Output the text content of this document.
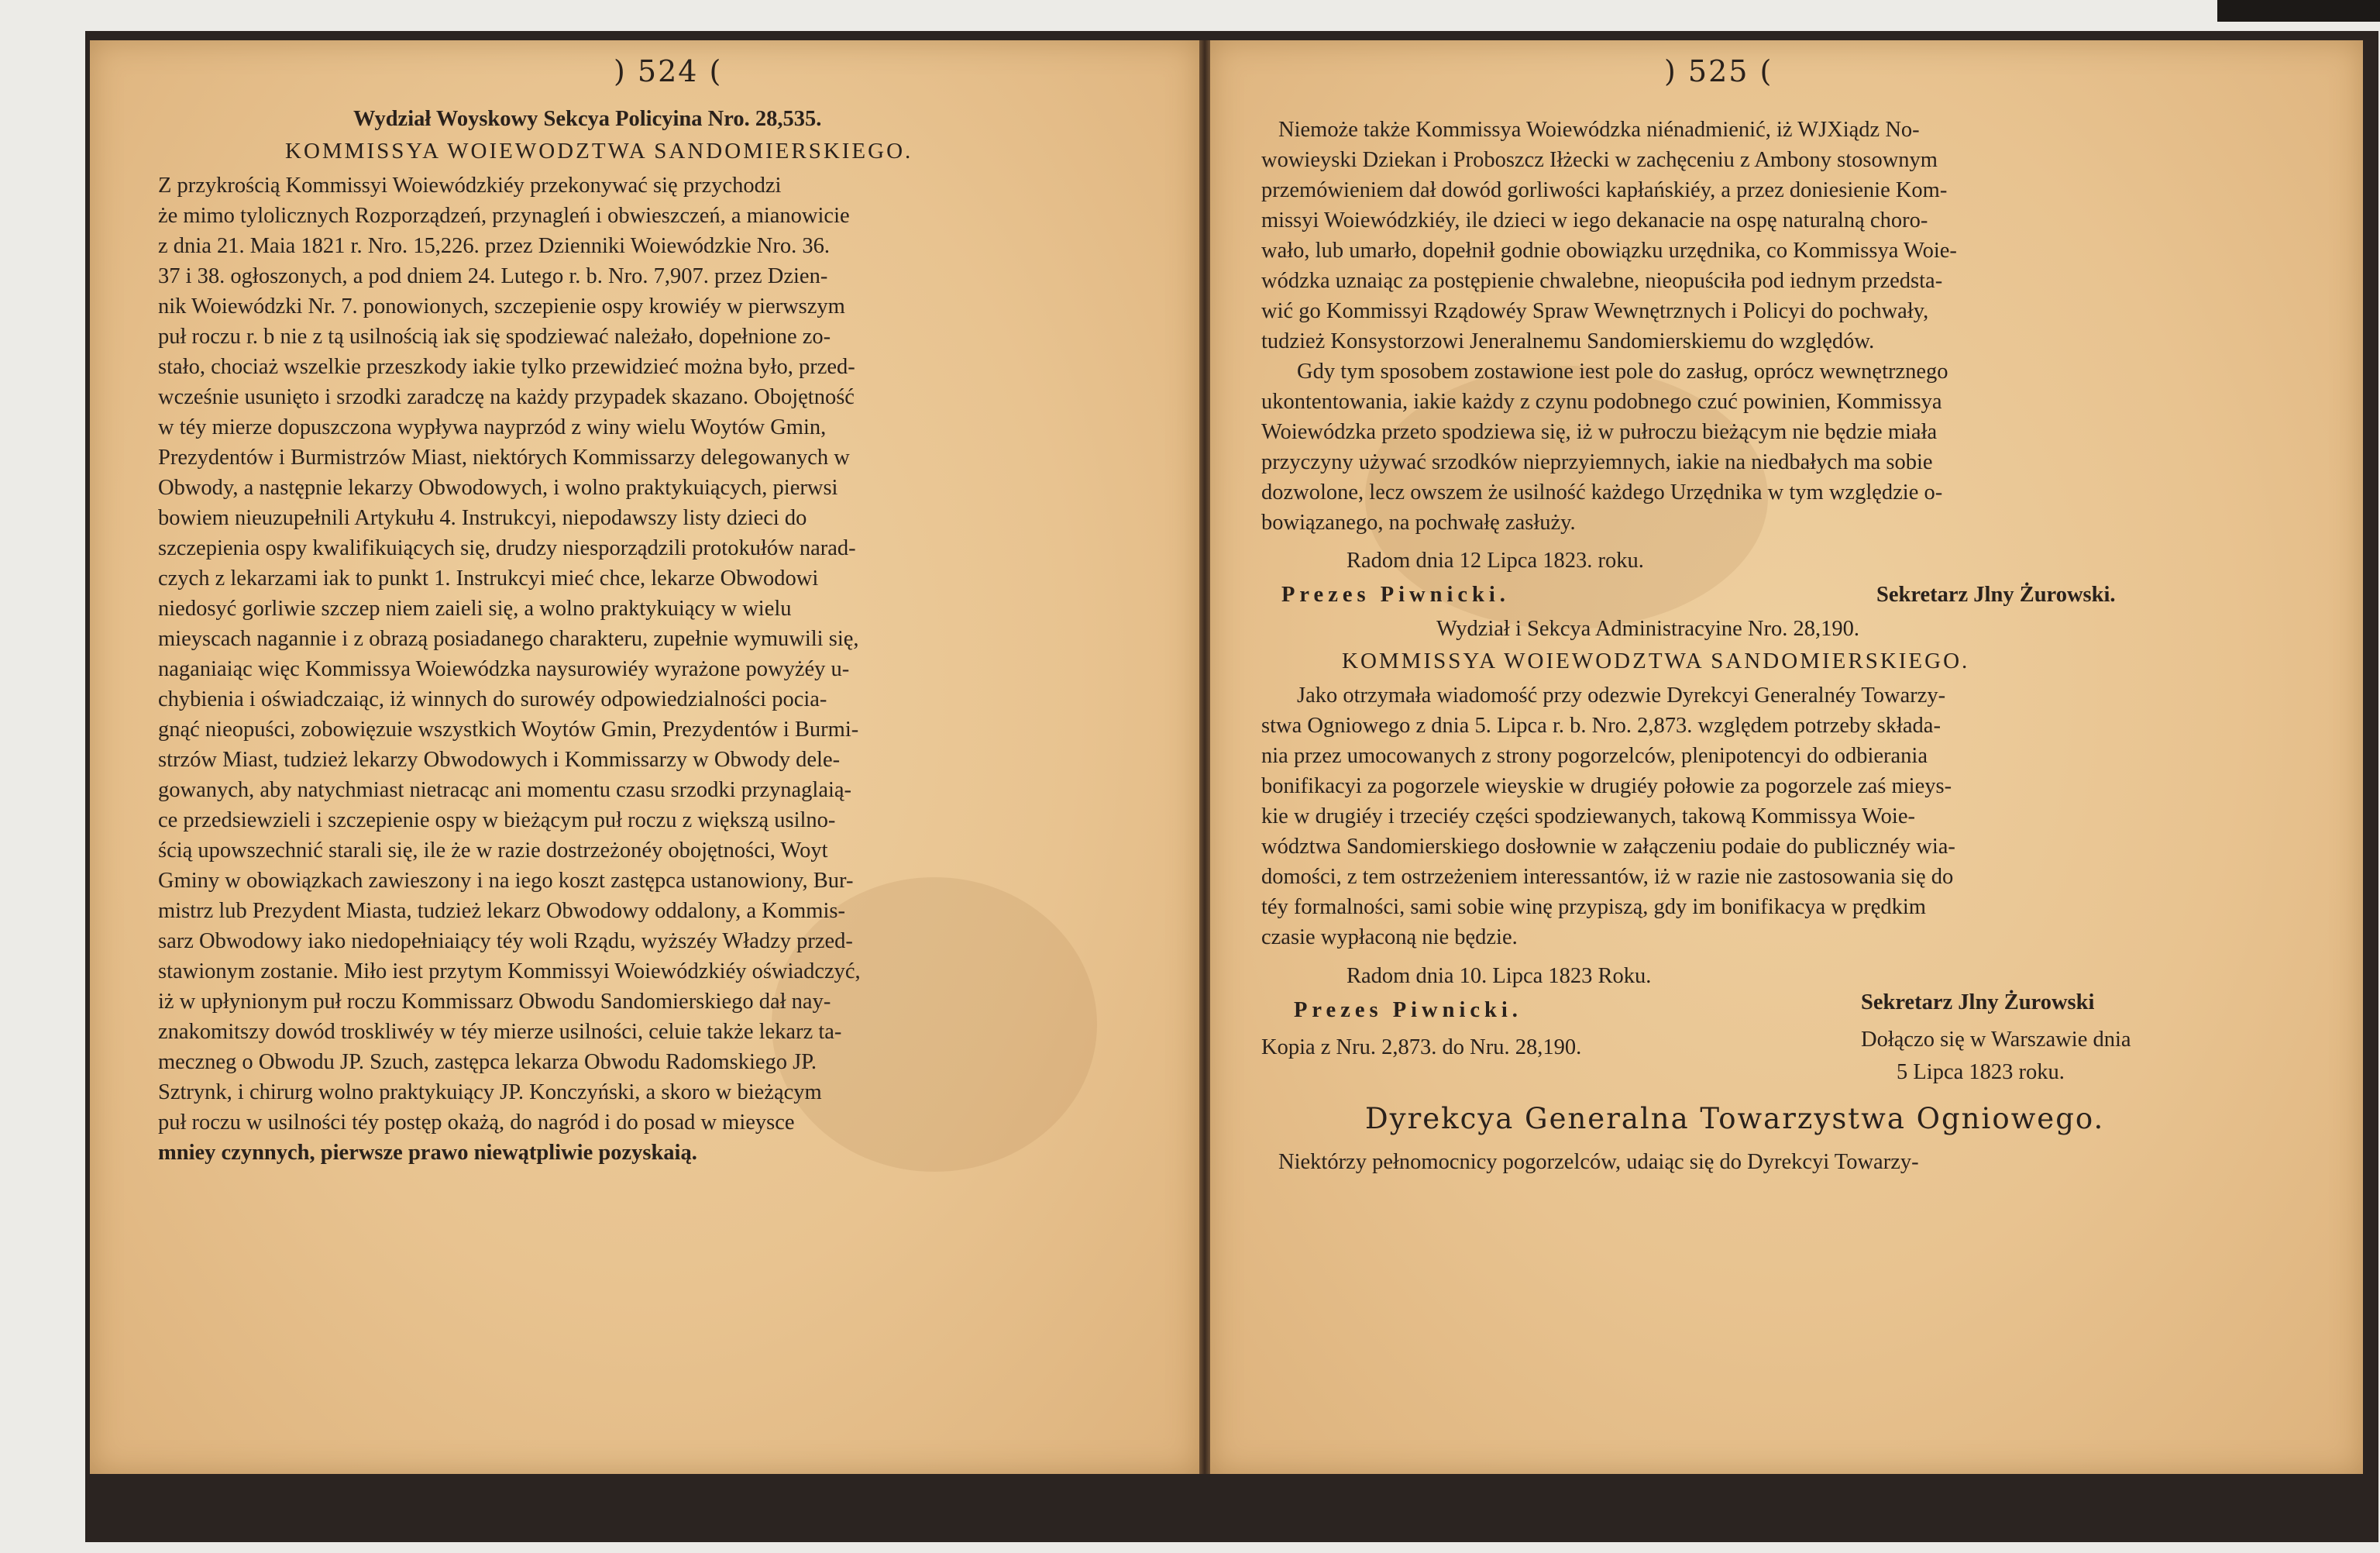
) 524 (
Wydział Woyskowy Sekcya Policyina Nro. 28,535.
KOMMISSYA WOIEWODZTWA SANDOMIERSKIEGO.
Z przykrością Kommissyi Woiewódzkiéy przekonywać się przychodzi
że mimo tylolicznych Rozporządzeń, przynagleń i obwieszczeń, a mianowicie
z dnia 21. Maia 1821 r. Nro. 15,226. przez Dzienniki Woiewódzkie Nro. 36.
37 i 38. ogłoszonych, a pod dniem 24. Lutego r. b. Nro. 7,907. przez Dzien-
nik Woiewódzki Nr. 7. ponowionych, szczepienie ospy krowiéy w pierwszym
puł roczu r. b nie z tą usilnością iak się spodziewać należało, dopełnione zo-
stało, chociaż wszelkie przeszkody iakie tylko przewidzieć można było, przed-
wcześnie usunięto i srzodki zaradczę na każdy przypadek skazano. Obojętność
w téy mierze dopuszczona wypływa nayprzód z winy wielu Woytów Gmin,
Prezydentów i Burmistrzów Miast, niektórych Kommissarzy delegowanych w
Obwody, a następnie lekarzy Obwodowych, i wolno praktykuiących, pierwsi
bowiem nieuzupełnili Artykułu 4. Instrukcyi, niepodawszy listy dzieci do
szczepienia ospy kwalifikuiących się, drudzy niesporządzili protokułów narad-
czych z lekarzami iak to punkt 1. Instrukcyi mieć chce, lekarze Obwodowi
niedosyć gorliwie szczep niem zaieli się, a wolno praktykuiący w wielu
mieyscach nagannie i z obrazą posiadanego charakteru, zupełnie wymuwili się,
naganiaiąc więc Kommissya Woiewódzka naysurowiéy wyrażone powyżéy u-
chybienia i oświadczaiąc, iż winnych do surowéy odpowiedzialności pocia-
gnąć nieopuści, zobowięzuie wszystkich Woytów Gmin, Prezydentów i Burmi-
strzów Miast, tudzież lekarzy Obwodowych i Kommissarzy w Obwody dele-
gowanych, aby natychmiast nietracąc ani momentu czasu srzodki przynaglaią-
ce przedsiewzieli i szczepienie ospy w bieżącym puł roczu z większą usilno-
ścią upowszechnić starali się, ile że w razie dostrzeżonéy obojętności, Woyt
Gminy w obowiązkach zawieszony i na iego koszt zastępca ustanowiony, Bur-
mistrz lub Prezydent Miasta, tudzież lekarz Obwodowy oddalony, a Kommis-
sarz Obwodowy iako niedopełniaiący téy woli Rządu, wyższéy Władzy przed-
stawionym zostanie. Miło iest przytym Kommissyi Woiewódzkiéy oświadczyć,
iż w upłynionym puł roczu Kommissarz Obwodu Sandomierskiego dał nay-
znakomitszy dowód troskliwéy w téy mierze usilności, celuie także lekarz ta-
meczneg o Obwodu JP. Szuch, zastępca lekarza Obwodu Radomskiego JP.
Sztrynk, i chirurg wolno praktykuiący JP. Konczyński, a skoro w bieżącym
puł roczu w usilności téy postęp okażą, do nagród i do posad w mieysce
mniey czynnych, pierwsze prawo niewątpliwie pozyskaią.
) 525 (
Niemoże także Kommissya Woiewódzka niénadmienić, iż WJXiądz No-
wowieyski Dziekan i Proboszcz Iłżecki w zachęceniu z Ambony stosownym
przemówieniem dał dowód gorliwości kapłańskiéy, a przez doniesienie Kom-
missyi Woiewódzkiéy, ile dzieci w iego dekanacie na ospę naturalną choro-
wało, lub umarło, dopełnił godnie obowiązku urzędnika, co Kommissya Woie-
wódzka uznaiąc za postępienie chwalebne, nieopuściła pod iednym przedsta-
wić go Kommissyi Rządowéy Spraw Wewnętrznych i Policyi do pochwały,
tudzież Konsystorzowi Jeneralnemu Sandomierskiemu do względów.
Gdy tym sposobem zostawione iest pole do zasług, oprócz wewnętrznego
ukontentowania, iakie każdy z czynu podobnego czuć powinien, Kommissya
Woiewódzka przeto spodziewa się, iż w pułroczu bieżącym nie będzie miała
przyczyny używać srzodków nieprzyiemnych, iakie na niedbałych ma sobie
dozwolone, lecz owszem że usilność każdego Urzędnika w tym względzie o-
bowiązanego, na pochwałę zasłuży.
Radom dnia 12 Lipca 1823. roku.
Prezes Piwnicki.	Sekretarz Jlny Żurowski.
Wydział i Sekcya Administracyine Nro. 28,190.
KOMMISSYA WOIEWODZTWA SANDOMIERSKIEGO.
Jako otrzymała wiadomość przy odezwie Dyrekcyi Generalnéy Towarzy-
stwa Ogniowego z dnia 5. Lipca r. b. Nro. 2,873. względem potrzeby składa-
nia przez umocowanych z strony pogorzelców, plenipotencyi do odbierania
bonifikacyi za pogorzele wieyskie w drugiéy połowie za pogorzele zaś mieys-
kie w drugiéy i trzeciéy części spodziewanych, takową Kommissya Woie-
wództwa Sandomierskiego dosłownie w załączeniu podaie do publicznéy wia-
domości, z tem ostrzeżeniem interessantów, iż w razie nie zastosowania się do
téy formalności, sami sobie winę przypiszą, gdy im bonifikacya w prędkim
czasie wypłaconą nie będzie.
Radom dnia 10. Lipca 1823 Roku.
Prezes Piwnicki.	Sekretarz Jlny Żurowski
Kopia z Nru. 2,873. do Nru. 28,190.	Dołączo się w Warszawie dnia
5 Lipca 1823 roku.
Dyrekcya Generalna Towarzystwa Ogniowego.
Niektórzy pełnomocnicy pogorzelców, udaiąc się do Dyrekcyi Towarzy-
